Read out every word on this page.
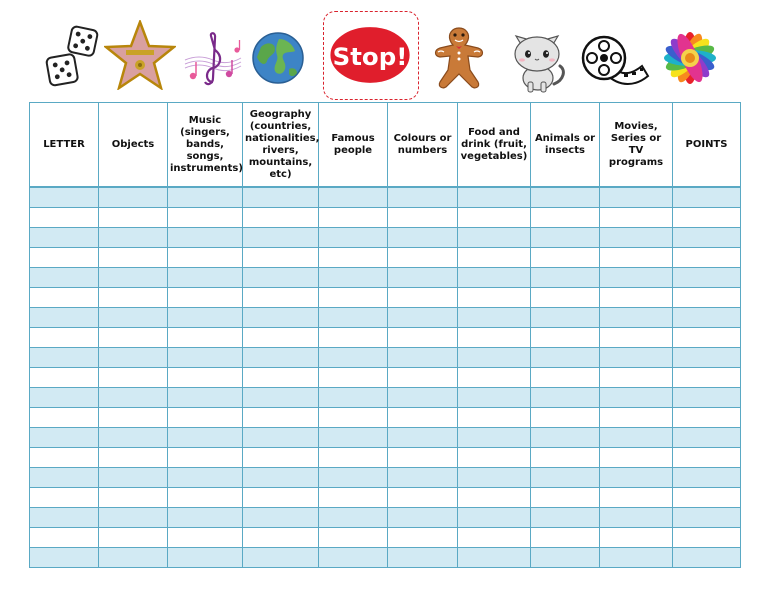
Stop!
LETTER	Objects	Music (singers, bands, songs, instruments)	Geography (countries, nationalities, rivers, mountains, etc)	Famous people	Colours or numbers	Food and drink (fruit, vegetables)	Animals or insects	Movies, Series or TV programs	POINTS
